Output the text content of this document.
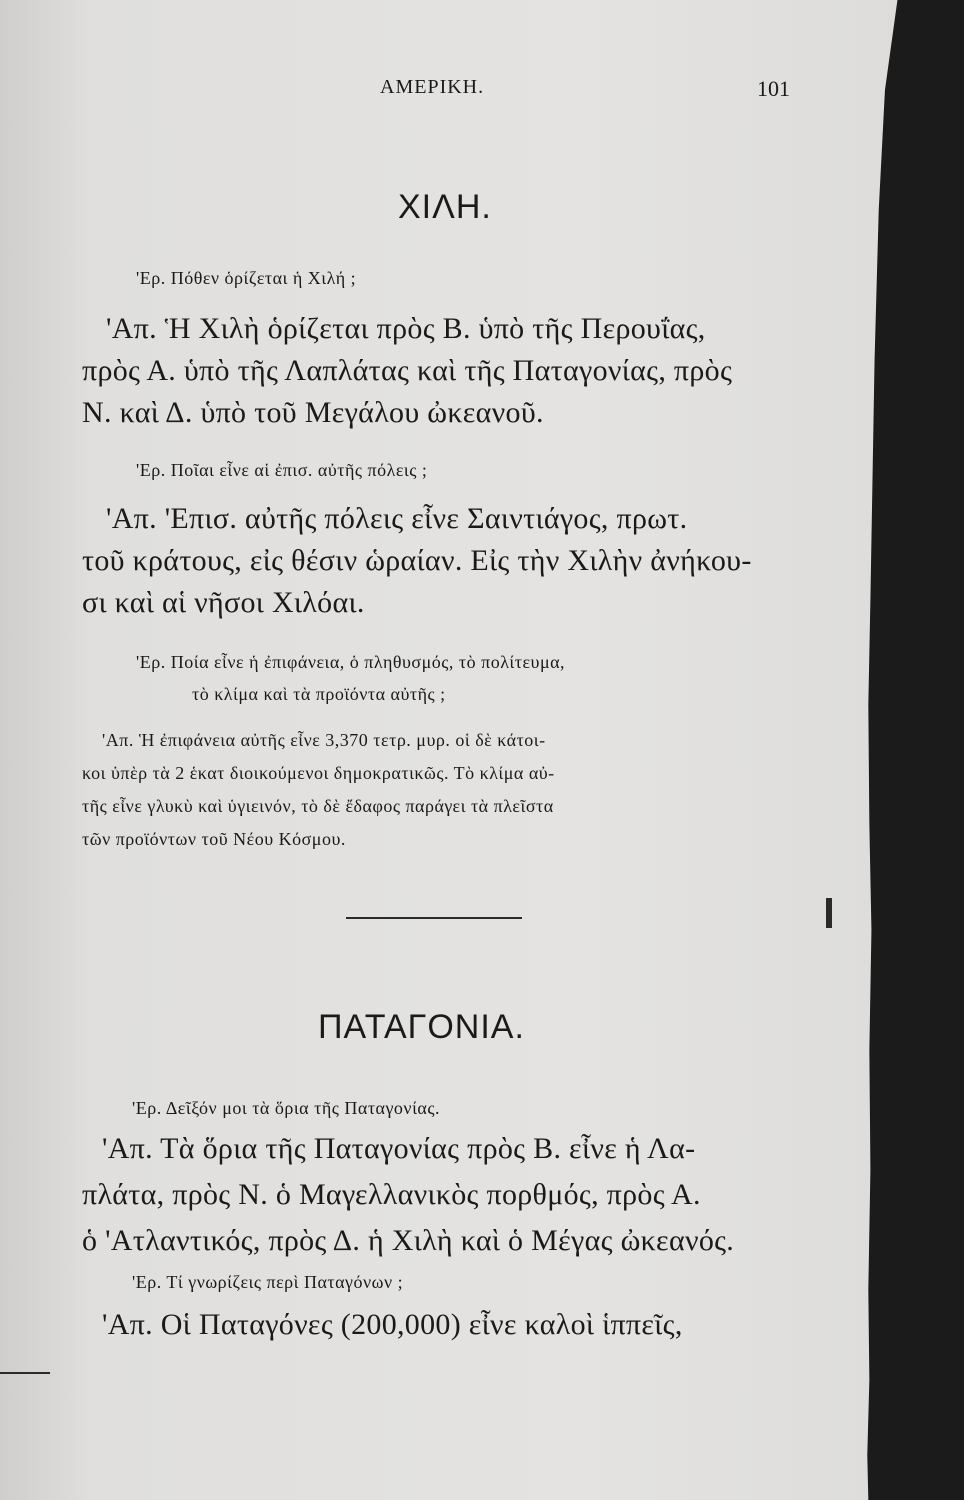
ΑΜΕΡΙΚΗ.	101
ΧΙΛΗ.
'Ερ. Πόθεν ὁρίζεται ἡ Χιλή ;
'Απ. Ἡ Χιλὴ ὁρίζεται πρὸς Β. ὑπὸ τῆς Περουΐας,
πρὸς Α. ὑπὸ τῆς Λαπλάτας καὶ τῆς Παταγονίας, πρὸς
Ν. καὶ Δ. ὑπὸ τοῦ Μεγάλου ὠκεανοῦ.
'Ερ. Ποῖαι εἶνε αἱ ἐπισ. αὐτῆς πόλεις ;
'Απ. 'Επισ. αὐτῆς πόλεις εἶνε Σαιντιάγος, πρωτ.
τοῦ κράτους, εἰς θέσιν ὡραίαν. Εἰς τὴν Χιλὴν ἀνήκου-
σι καὶ αἱ νῆσοι Χιλόαι.
'Ερ. Ποία εἶνε ἡ ἐπιφάνεια, ὁ πληθυσμός, τὸ πολίτευμα,
τὸ κλίμα καὶ τὰ προϊόντα αὐτῆς ;
'Απ. Ἡ ἐπιφάνεια αὐτῆς εἶνε 3,370 τετρ. μυρ. οἱ δὲ κάτοι-
κοι ὑπὲρ τὰ 2 ἑκατ διοικούμενοι δημοκρατικῶς. Τὸ κλίμα αὐ-
τῆς εἶνε γλυκὺ καὶ ὑγιεινόν, τὸ δὲ ἔδαφος παράγει τὰ πλεῖστα
τῶν προϊόντων τοῦ Νέου Κόσμου.
ΠΑΤΑΓΟΝΙΑ.
'Ερ. Δεῖξόν μοι τὰ ὅρια τῆς Παταγονίας.
'Απ. Τὰ ὅρια τῆς Παταγονίας πρὸς Β. εἶνε ἡ Λα-
πλάτα, πρὸς Ν. ὁ Μαγελλανικὸς πορθμός, πρὸς Α.
ὁ 'Ατλαντικός, πρὸς Δ. ἡ Χιλὴ καὶ ὁ Μέγας ὠκεανός.
'Ερ. Τί γνωρίζεις περὶ Παταγόνων ;
'Απ. Οἱ Παταγόνες (200,000) εἶνε καλοὶ ἱππεῖς,
